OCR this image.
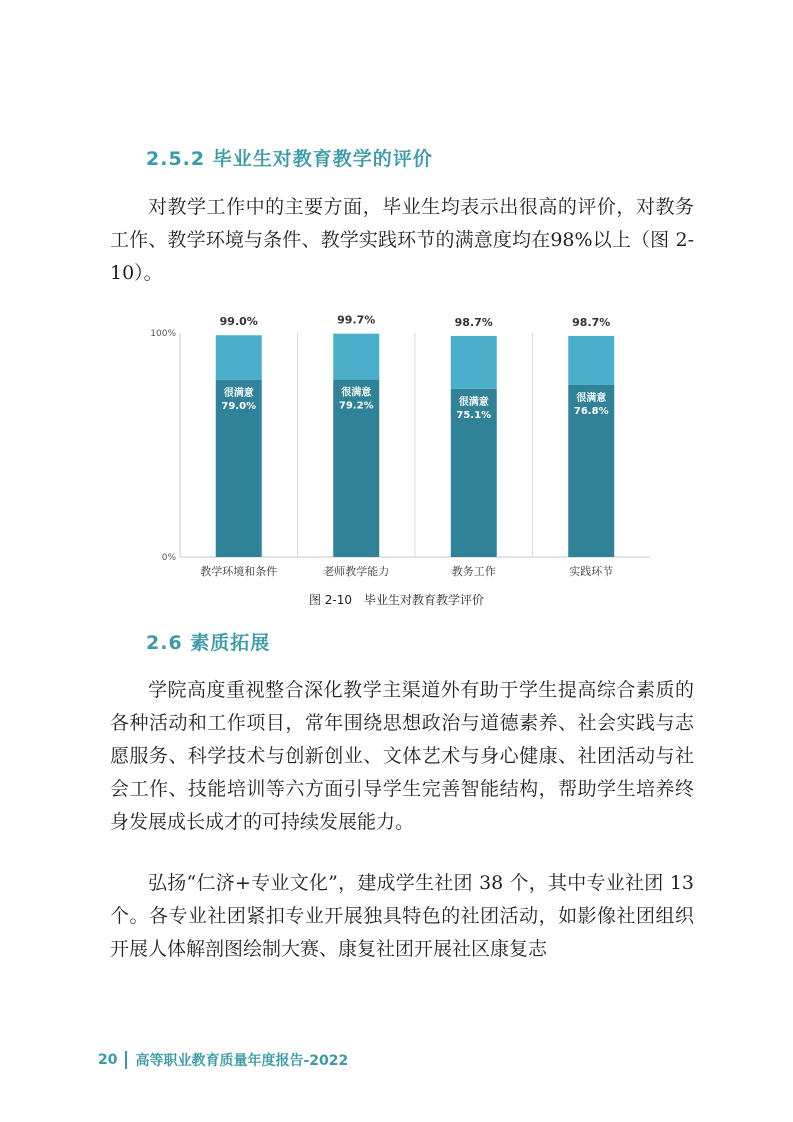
2.5.2 毕业生对教育教学的评价

对教学工作中的主要方面，毕业生均表示出很高的评价，对教务工作、教学环境与条件、教学实践环节的满意度均在98%以上（图 2-10）。

0%
100%
很满意
79.0%
99.0%
教学环境和条件
很满意
79.2%
99.7%
老师教学能力
很满意
75.1%
98.7%
教务工作
很满意
76.8%
98.7%
实践环节
图 2-10　毕业生对教育教学评价
2.6 素质拓展

学院高度重视整合深化教学主渠道外有助于学生提高综合素质的各种活动和工作项目，常年围绕思想政治与道德素养、社会实践与志愿服务、科学技术与创新创业、文体艺术与身心健康、社团活动与社会工作、技能培训等六方面引导学生完善智能结构，帮助学生培养终身发展成长成才的可持续发展能力。

弘扬“仁济+专业文化”，建成学生社团 38 个，其中专业社团 13 个。各专业社团紧扣专业开展独具特色的社团活动，如影像社团组织开展人体解剖图绘制大赛、康复社团开展社区康复志

20 高等职业教育质量年度报告-2022
